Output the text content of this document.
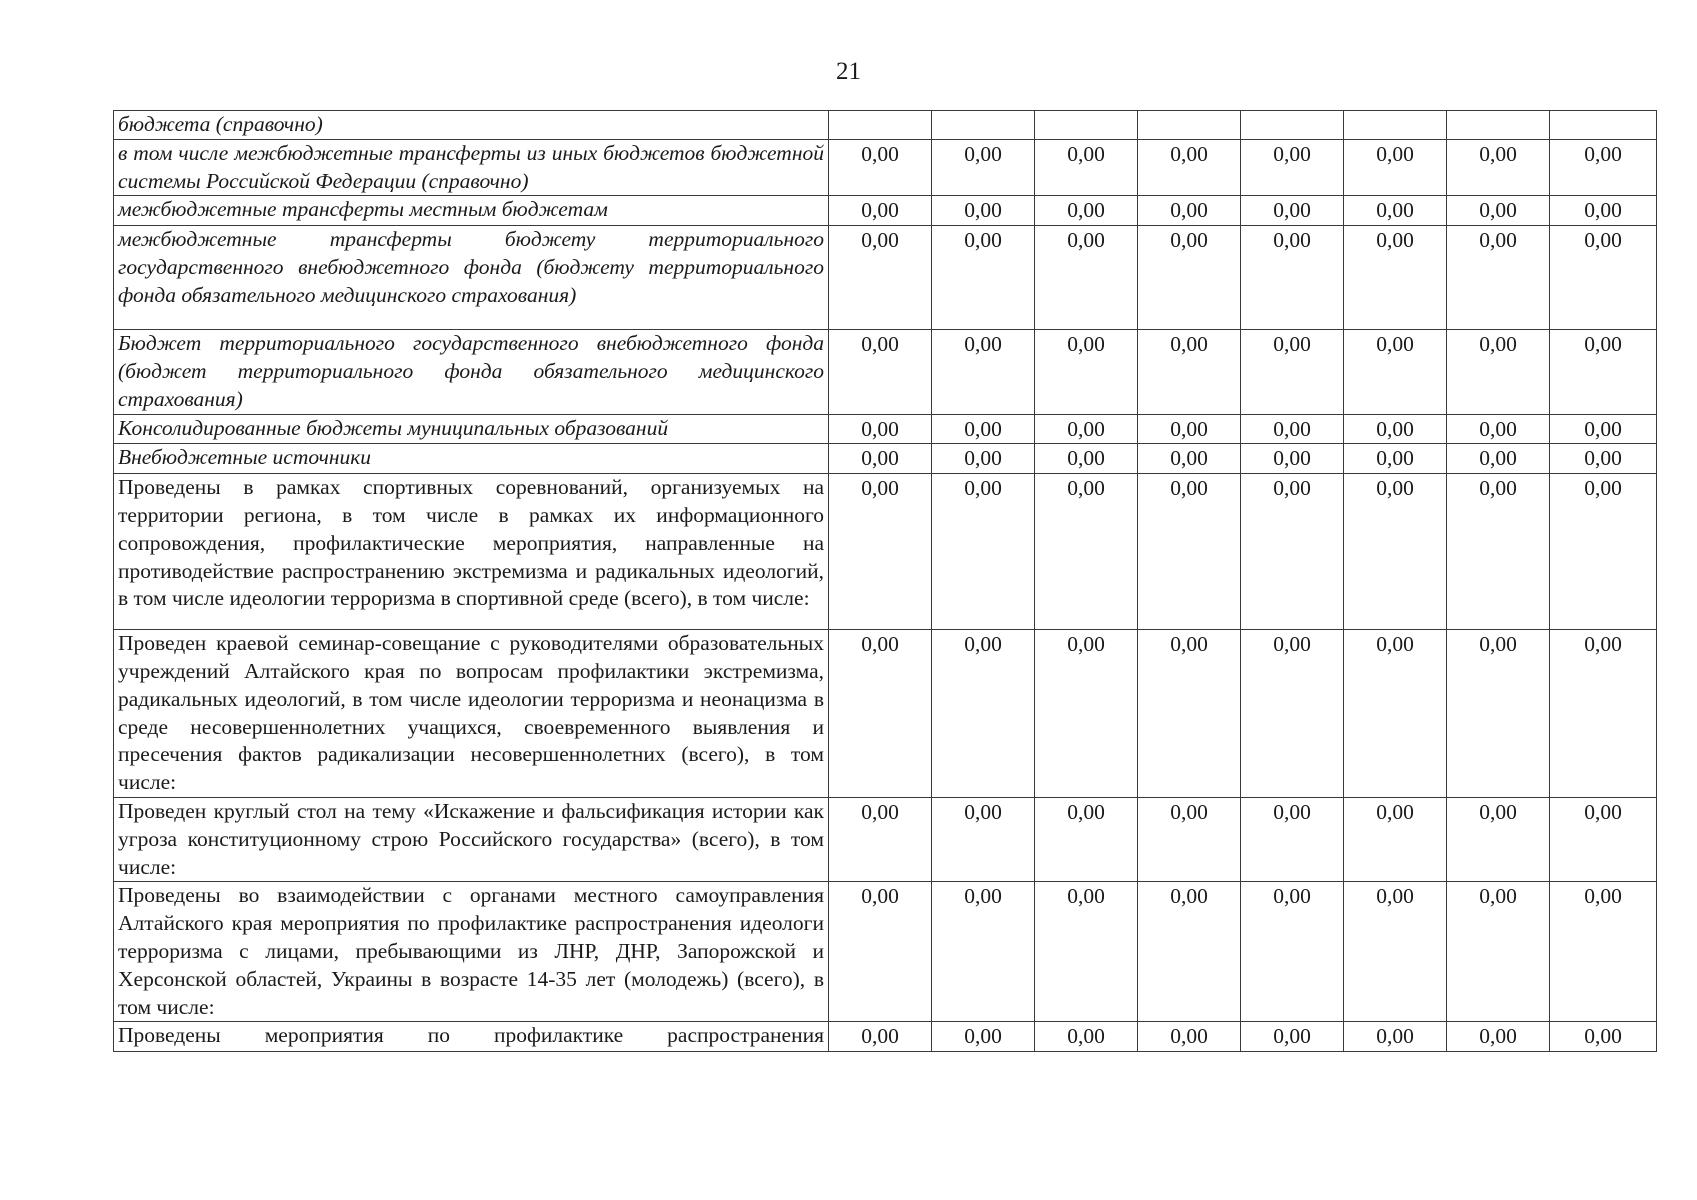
21
бюджета (справочно)								
в том числе межбюджетные трансферты из иных бюджетов бюджетной системы Российской Федерации (справочно)	0,00	0,00	0,00	0,00	0,00	0,00	0,00	0,00
межбюджетные трансферты местным бюджетам	0,00	0,00	0,00	0,00	0,00	0,00	0,00	0,00
межбюджетные трансферты бюджету территориального государственного внебюджетного фонда (бюджету территориального фонда обязательного медицинского страхования)	0,00	0,00	0,00	0,00	0,00	0,00	0,00	0,00
Бюджет территориального государственного внебюджетного фонда (бюджет территориального фонда обязательного медицинского страхования)	0,00	0,00	0,00	0,00	0,00	0,00	0,00	0,00
Консолидированные бюджеты муниципальных образований	0,00	0,00	0,00	0,00	0,00	0,00	0,00	0,00
Внебюджетные источники	0,00	0,00	0,00	0,00	0,00	0,00	0,00	0,00
Проведены в рамках спортивных соревнований, организуемых на территории региона, в том числе в рамках их информационного сопровождения, профилактические мероприятия, направленные на противодействие распространению экстремизма и радикальных идеологий, в том числе идеологии терроризма в спортивной среде (всего), в том числе:	0,00	0,00	0,00	0,00	0,00	0,00	0,00	0,00
Проведен краевой семинар-совещание с руководителями образовательных учреждений Алтайского края по вопросам профилактики экстремизма, радикальных идеологий, в том числе идеологии терроризма и неонацизма в среде несовершеннолетних учащихся, своевременного выявления и пресечения фактов радикализации несовершеннолетних (всего), в том числе:	0,00	0,00	0,00	0,00	0,00	0,00	0,00	0,00
Проведен круглый стол на тему «Искажение и фальсификация истории как угроза конституционному строю Российского государства» (всего), в том числе:	0,00	0,00	0,00	0,00	0,00	0,00	0,00	0,00
Проведены во взаимодействии с органами местного самоуправления Алтайского края мероприятия по профилактике распространения идеологи терроризма с лицами, пребывающими из ЛНР, ДНР, Запорожской и Херсонской областей, Украины в возрасте 14-35 лет (молодежь) (всего), в том числе:	0,00	0,00	0,00	0,00	0,00	0,00	0,00	0,00
Проведены мероприятия по профилактике распространения	0,00	0,00	0,00	0,00	0,00	0,00	0,00	0,00
